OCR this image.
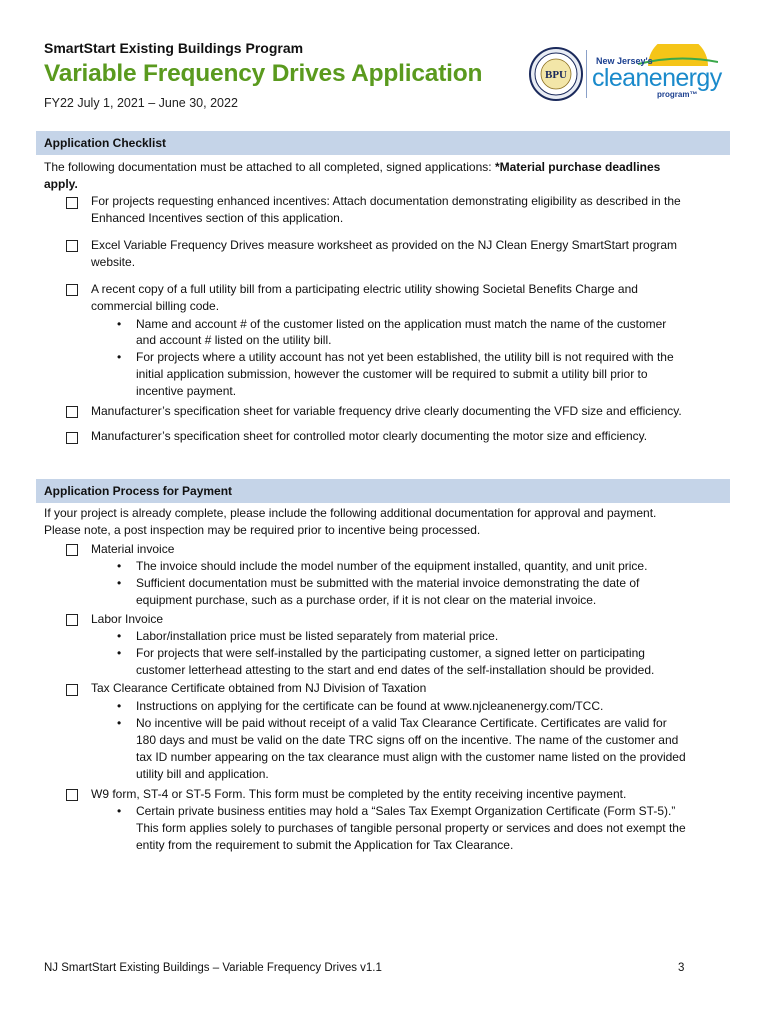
SmartStart Existing Buildings Program
Variable Frequency Drives Application
FY22 July 1, 2021 – June 30, 2022
BPU
New Jersey's
cleanenergy
program™
Application Checklist
The following documentation must be attached to all completed, signed applications: *Material purchase deadlines
apply.
For projects requesting enhanced incentives: Attach documentation demonstrating eligibility as described in the
Enhanced Incentives section of this application.
Excel Variable Frequency Drives measure worksheet as provided on the NJ Clean Energy SmartStart program
website.
A recent copy of a full utility bill from a participating electric utility showing Societal Benefits Charge and
commercial billing code.
• Name and account # of the customer listed on the application must match the name of the customer
and account # listed on the utility bill.
• For projects where a utility account has not yet been established, the utility bill is not required with the
initial application submission, however the customer will be required to submit a utility bill prior to
incentive payment.
Manufacturer’s specification sheet for variable frequency drive clearly documenting the VFD size and efficiency.
Manufacturer’s specification sheet for controlled motor clearly documenting the motor size and efficiency.
Application Process for Payment
If your project is already complete, please include the following additional documentation for approval and payment.
Please note, a post inspection may be required prior to incentive being processed.
Material invoice
• The invoice should include the model number of the equipment installed, quantity, and unit price.
• Sufficient documentation must be submitted with the material invoice demonstrating the date of
equipment purchase, such as a purchase order, if it is not clear on the material invoice.
Labor Invoice
• Labor/installation price must be listed separately from material price.
• For projects that were self-installed by the participating customer, a signed letter on participating
customer letterhead attesting to the start and end dates of the self-installation should be provided.
Tax Clearance Certificate obtained from NJ Division of Taxation
• Instructions on applying for the certificate can be found at www.njcleanenergy.com/TCC.
• No incentive will be paid without receipt of a valid Tax Clearance Certificate. Certificates are valid for
180 days and must be valid on the date TRC signs off on the incentive. The name of the customer and
tax ID number appearing on the tax clearance must align with the customer name listed on the provided
utility bill and application.
W9 form, ST-4 or ST-5 Form. This form must be completed by the entity receiving incentive payment.
• Certain private business entities may hold a “Sales Tax Exempt Organization Certificate (Form ST-5).”
This form applies solely to purchases of tangible personal property or services and does not exempt the
entity from the requirement to submit the Application for Tax Clearance.
NJ SmartStart Existing Buildings – Variable Frequency Drives v1.1	3
